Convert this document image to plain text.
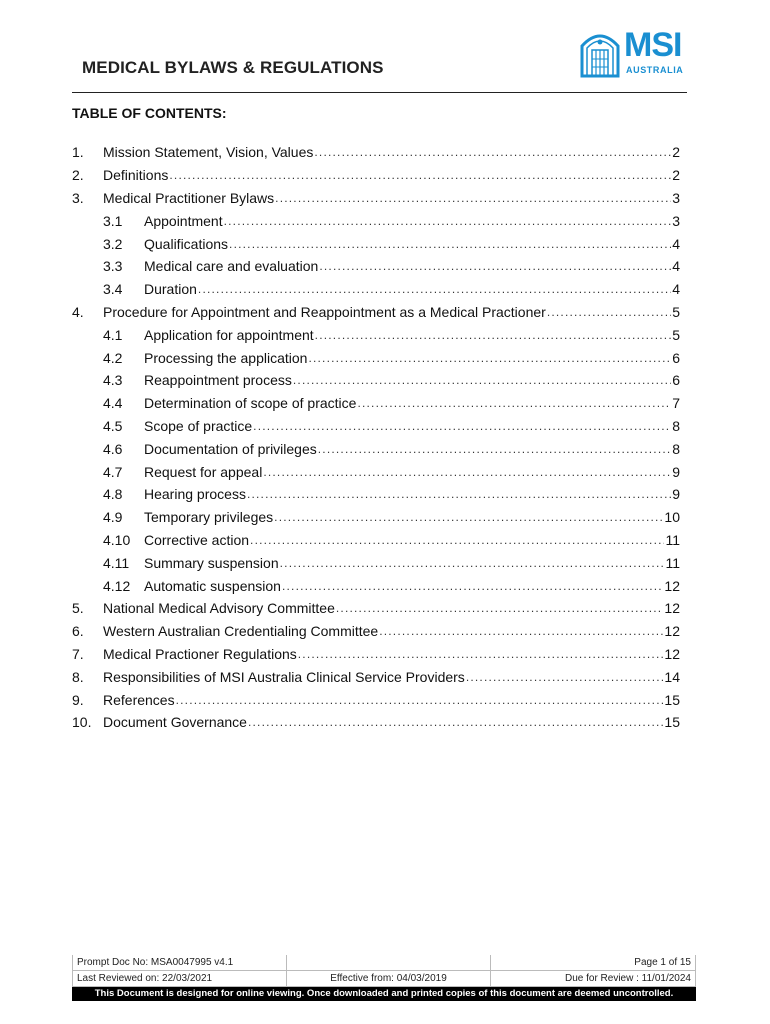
MEDICAL BYLAWS & REGULATIONS
MSI
AUSTRALIA
TABLE OF CONTENTS:
1.	Mission Statement, Vision, Values .....	2
2.	Definitions .....	2
3.	Medical Practitioner Bylaws .....	3
3.1	Appointment .....	3
3.2	Qualifications .....	4
3.3	Medical care and evaluation .....	4
3.4	Duration .....	4
4.	Procedure for Appointment and Reappointment as a Medical Practioner .....	5
4.1	Application for appointment .....	5
4.2	Processing the application .....	6
4.3	Reappointment process .....	6
4.4	Determination of scope of practice .....	7
4.5	Scope of practice .....	8
4.6	Documentation of privileges .....	8
4.7	Request for appeal .....	9
4.8	Hearing process .....	9
4.9	Temporary privileges .....	10
4.10 Corrective action .....	11
4.11	Summary suspension .....	11
4.12 Automatic suspension .....	12
5.	National Medical Advisory Committee .....	12
6.	Western Australian Credentialing Committee .....	12
7.	Medical Practioner Regulations .....	12
8.	Responsibilities of MSI Australia Clinical Service Providers .....	14
9.	References .....	15
10. Document Governance .....	15
Prompt Doc No: MSA0047995 v4.1		Page 1 of 15
Last Reviewed on: 22/03/2021	Effective from: 04/03/2019	Due for Review : 11/01/2024
This Document is designed for online viewing. Once downloaded and printed copies of this document are deemed uncontrolled.
